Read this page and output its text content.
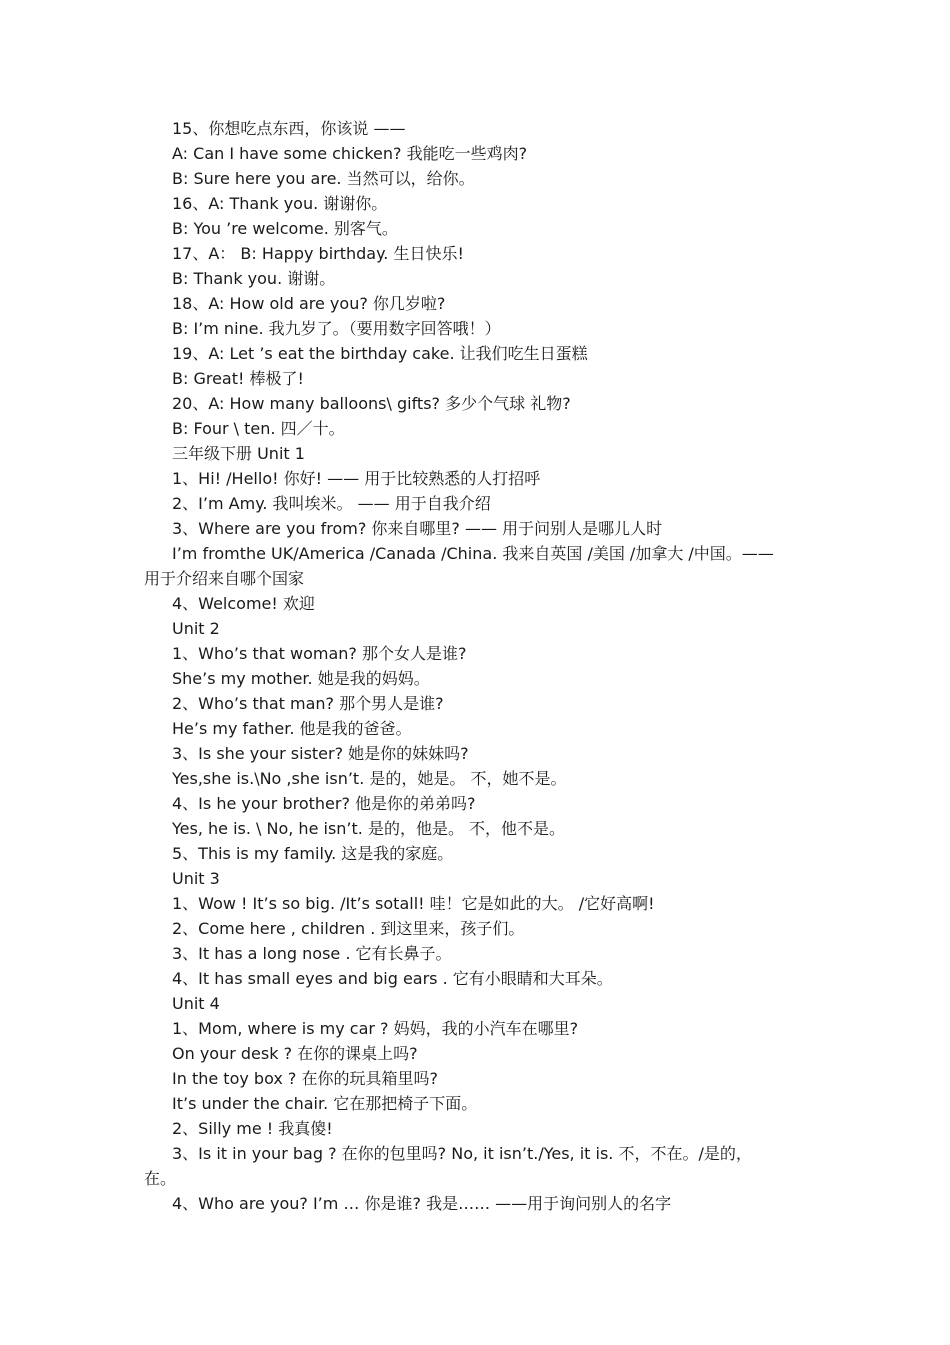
15、你想吃点东西，你该说 ——
A: Can I have some chicken? 我能吃一些鸡肉?
B: Sure here you are. 当然可以，给你。
16、A: Thank you. 谢谢你。
B: You ’re welcome. 别客气。
17、A： B: Happy birthday. 生日快乐!
B: Thank you. 谢谢。
18、A: How old are you? 你几岁啦?
B: I’m nine. 我九岁了。（要用数字回答哦！）
19、A: Let ’s eat the birthday cake. 让我们吃生日蛋糕
B: Great! 棒极了!
20、A: How many balloons\ gifts? 多少个气球 礼物?
B: Four \ ten. 四／十。
三年级下册 Unit 1
1、Hi! /Hello! 你好! —— 用于比较熟悉的人打招呼
2、I’m Amy. 我叫埃米。 —— 用于自我介绍
3、Where are you from? 你来自哪里? —— 用于问别人是哪儿人时
I’m fromthe UK/America /Canada /China. 我来自英国 /美国 /加拿大 /中国。——
用于介绍来自哪个国家
4、Welcome! 欢迎
Unit 2
1、Who’s that woman? 那个女人是谁?
She’s my mother. 她是我的妈妈。
2、Who’s that man? 那个男人是谁?
He’s my father. 他是我的爸爸。
3、Is she your sister? 她是你的妹妹吗?
Yes,she is.\No ,she isn’t. 是的，她是。 不，她不是。
4、Is he your brother? 他是你的弟弟吗?
Yes, he is. \ No, he isn’t. 是的，他是。 不，他不是。
5、This is my family. 这是我的家庭。
Unit 3
1、Wow ! It’s so big. /It’s sotall! 哇！它是如此的大。 /它好高啊!
2、Come here , children . 到这里来，孩子们。
3、It has a long nose . 它有长鼻子。
4、It has small eyes and big ears . 它有小眼睛和大耳朵。
Unit 4
1、Mom, where is my car ? 妈妈，我的小汽车在哪里?
On your desk ? 在你的课桌上吗?
In the toy box ? 在你的玩具箱里吗?
It’s under the chair. 它在那把椅子下面。
2、Silly me ! 我真傻!
3、Is it in your bag ? 在你的包里吗? No, it isn’t./Yes, it is. 不，不在。/是的，
在。
4、Who are you? I’m … 你是谁? 我是…… ——用于询问别人的名字
